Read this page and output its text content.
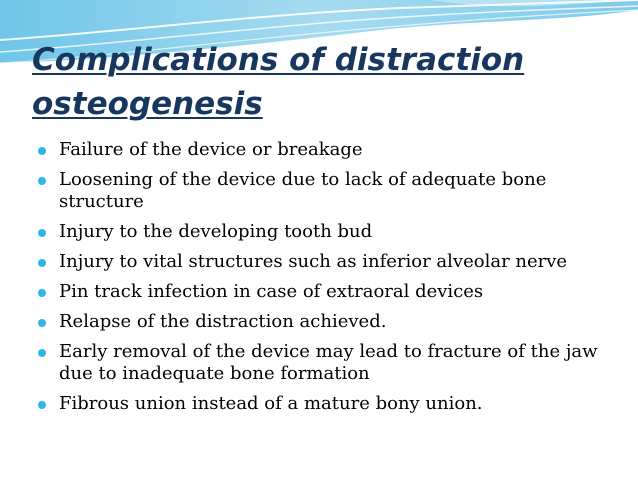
Complications of distraction osteogenesis
Failure of the device or breakage
Loosening of the device due to lack of adequate bone structure
Injury to the developing tooth bud
Injury to vital structures such as inferior alveolar nerve
Pin track infection in case of extraoral devices
Relapse of the distraction achieved.
Early removal of the device may lead to fracture of the jaw due to inadequate bone formation
Fibrous union instead of a mature bony union.
